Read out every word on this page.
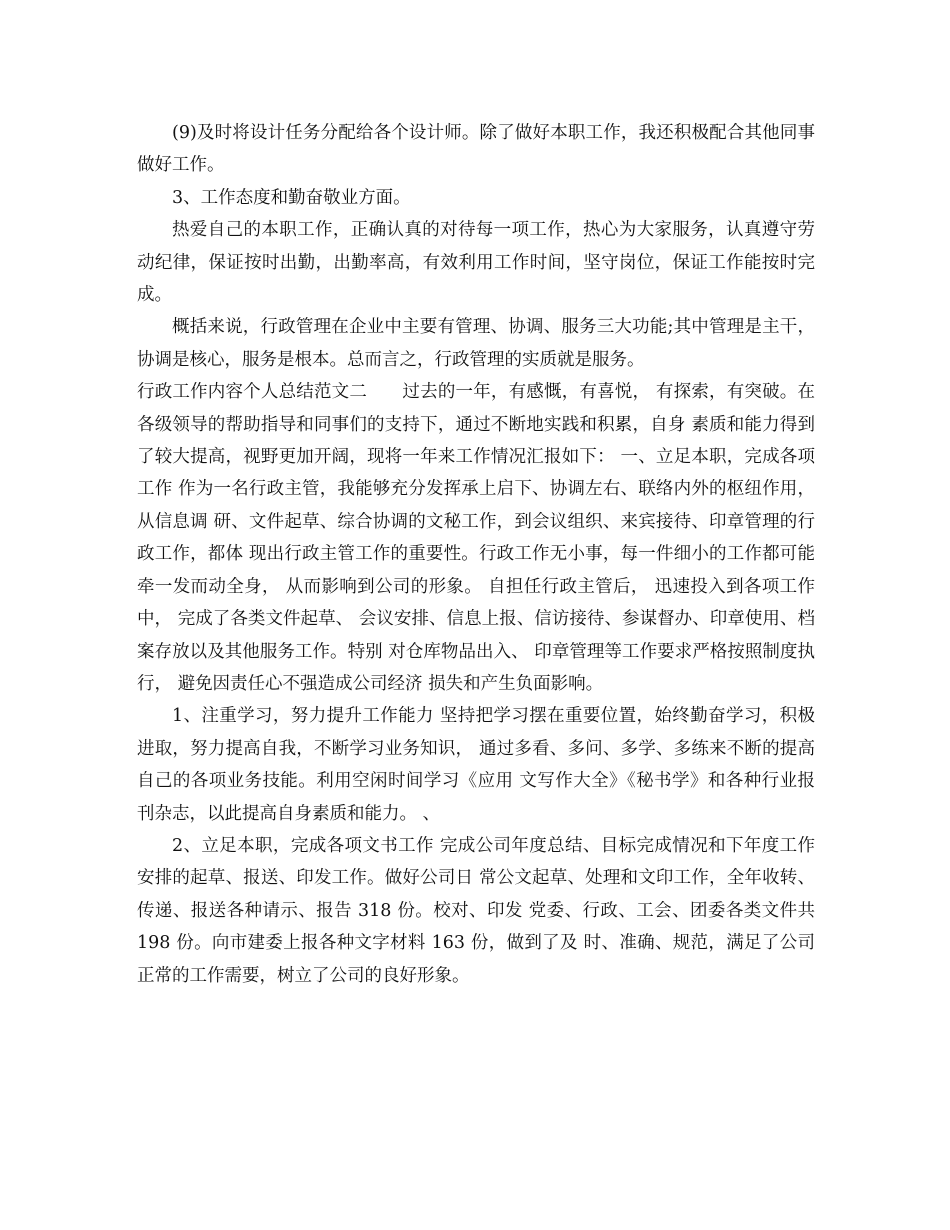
(9)及时将设计任务分配给各个设计师。除了做好本职工作，我还积极配合其他同事做好工作。

3、工作态度和勤奋敬业方面。

热爱自己的本职工作，正确认真的对待每一项工作，热心为大家服务，认真遵守劳动纪律，保证按时出勤，出勤率高，有效利用工作时间，坚守岗位，保证工作能按时完成。

概括来说，行政管理在企业中主要有管理、协调、服务三大功能;其中管理是主干，协调是核心，服务是根本。总而言之，行政管理的实质就是服务。

行政工作内容个人总结范文二　　过去的一年，有感慨，有喜悦， 有探索，有突破。在各级领导的帮助指导和同事们的支持下，通过不断地实践和积累，自身 素质和能力得到了较大提高，视野更加开阔，现将一年来工作情况汇报如下： 一、立足本职，完成各项工作 作为一名行政主管，我能够充分发挥承上启下、协调左右、联络内外的枢纽作用，从信息调 研、文件起草、综合协调的文秘工作，到会议组织、来宾接待、印章管理的行政工作，都体 现出行政主管工作的重要性。行政工作无小事，每一件细小的工作都可能牵一发而动全身， 从而影响到公司的形象。 自担任行政主管后， 迅速投入到各项工作中， 完成了各类文件起草、 会议安排、信息上报、信访接待、参谋督办、印章使用、档案存放以及其他服务工作。特别 对仓库物品出入、 印章管理等工作要求严格按照制度执行， 避免因责任心不强造成公司经济 损失和产生负面影响。

1、注重学习，努力提升工作能力 坚持把学习摆在重要位置，始终勤奋学习，积极进取，努力提高自我，不断学习业务知识， 通过多看、多问、多学、多练来不断的提高自己的各项业务技能。利用空闲时间学习《应用 文写作大全》《秘书学》和各种行业报刊杂志，以此提高自身素质和能力。 、

2、立足本职，完成各项文书工作 完成公司年度总结、目标完成情况和下年度工作安排的起草、报送、印发工作。做好公司日 常公文起草、处理和文印工作，全年收转、传递、报送各种请示、报告 318 份。校对、印发 党委、行政、工会、团委各类文件共 198 份。向市建委上报各种文字材料 163 份，做到了及 时、准确、规范，满足了公司正常的工作需要，树立了公司的良好形象。
